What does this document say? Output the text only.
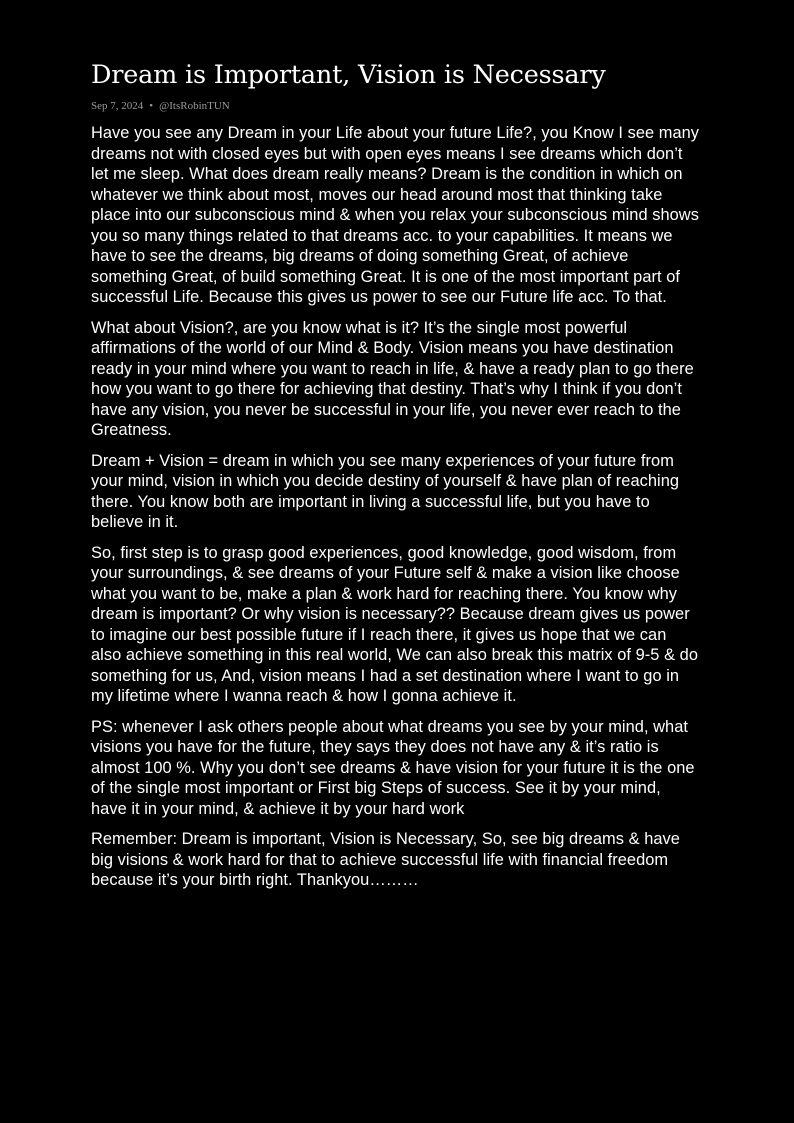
Dream is Important, Vision is Necessary
Sep 7, 2024 • @ItsRobinTUN

Have you see any Dream in your Life about your future Life?, you Know I see many dreams not with closed eyes but with open eyes means I see dreams which don’t let me sleep. What does dream really means? Dream is the condition in which on whatever we think about most, moves our head around most that thinking take place into our subconscious mind & when you relax your subconscious mind shows you so many things related to that dreams acc. to your capabilities. It means we have to see the dreams, big dreams of doing something Great, of achieve something Great, of build something Great. It is one of the most important part of successful Life. Because this gives us power to see our Future life acc. To that.

What about Vision?, are you know what is it? It’s the single most powerful affirmations of the world of our Mind & Body. Vision means you have destination ready in your mind where you want to reach in life, & have a ready plan to go there how you want to go there for achieving that destiny. That’s why I think if you don’t have any vision, you never be successful in your life, you never ever reach to the Greatness.

Dream + Vision = dream in which you see many experiences of your future from your mind, vision in which you decide destiny of yourself & have plan of reaching there. You know both are important in living a successful life, but you have to believe in it.

So, first step is to grasp good experiences, good knowledge, good wisdom, from your surroundings, & see dreams of your Future self & make a vision like choose what you want to be, make a plan & work hard for reaching there. You know why dream is important? Or why vision is necessary?? Because dream gives us power to imagine our best possible future if I reach there, it gives us hope that we can also achieve something in this real world, We can also break this matrix of 9-5 & do something for us, And, vision means I had a set destination where I want to go in my lifetime where I wanna reach & how I gonna achieve it.

PS: whenever I ask others people about what dreams you see by your mind, what visions you have for the future, they says they does not have any & it’s ratio is almost 100 %. Why you don’t see dreams & have vision for your future it is the one of the single most important or First big Steps of success. See it by your mind, have it in your mind, & achieve it by your hard work

Remember: Dream is important, Vision is Necessary, So, see big dreams & have big visions & work hard for that to achieve successful life with financial freedom because it’s your birth right. Thankyou………
